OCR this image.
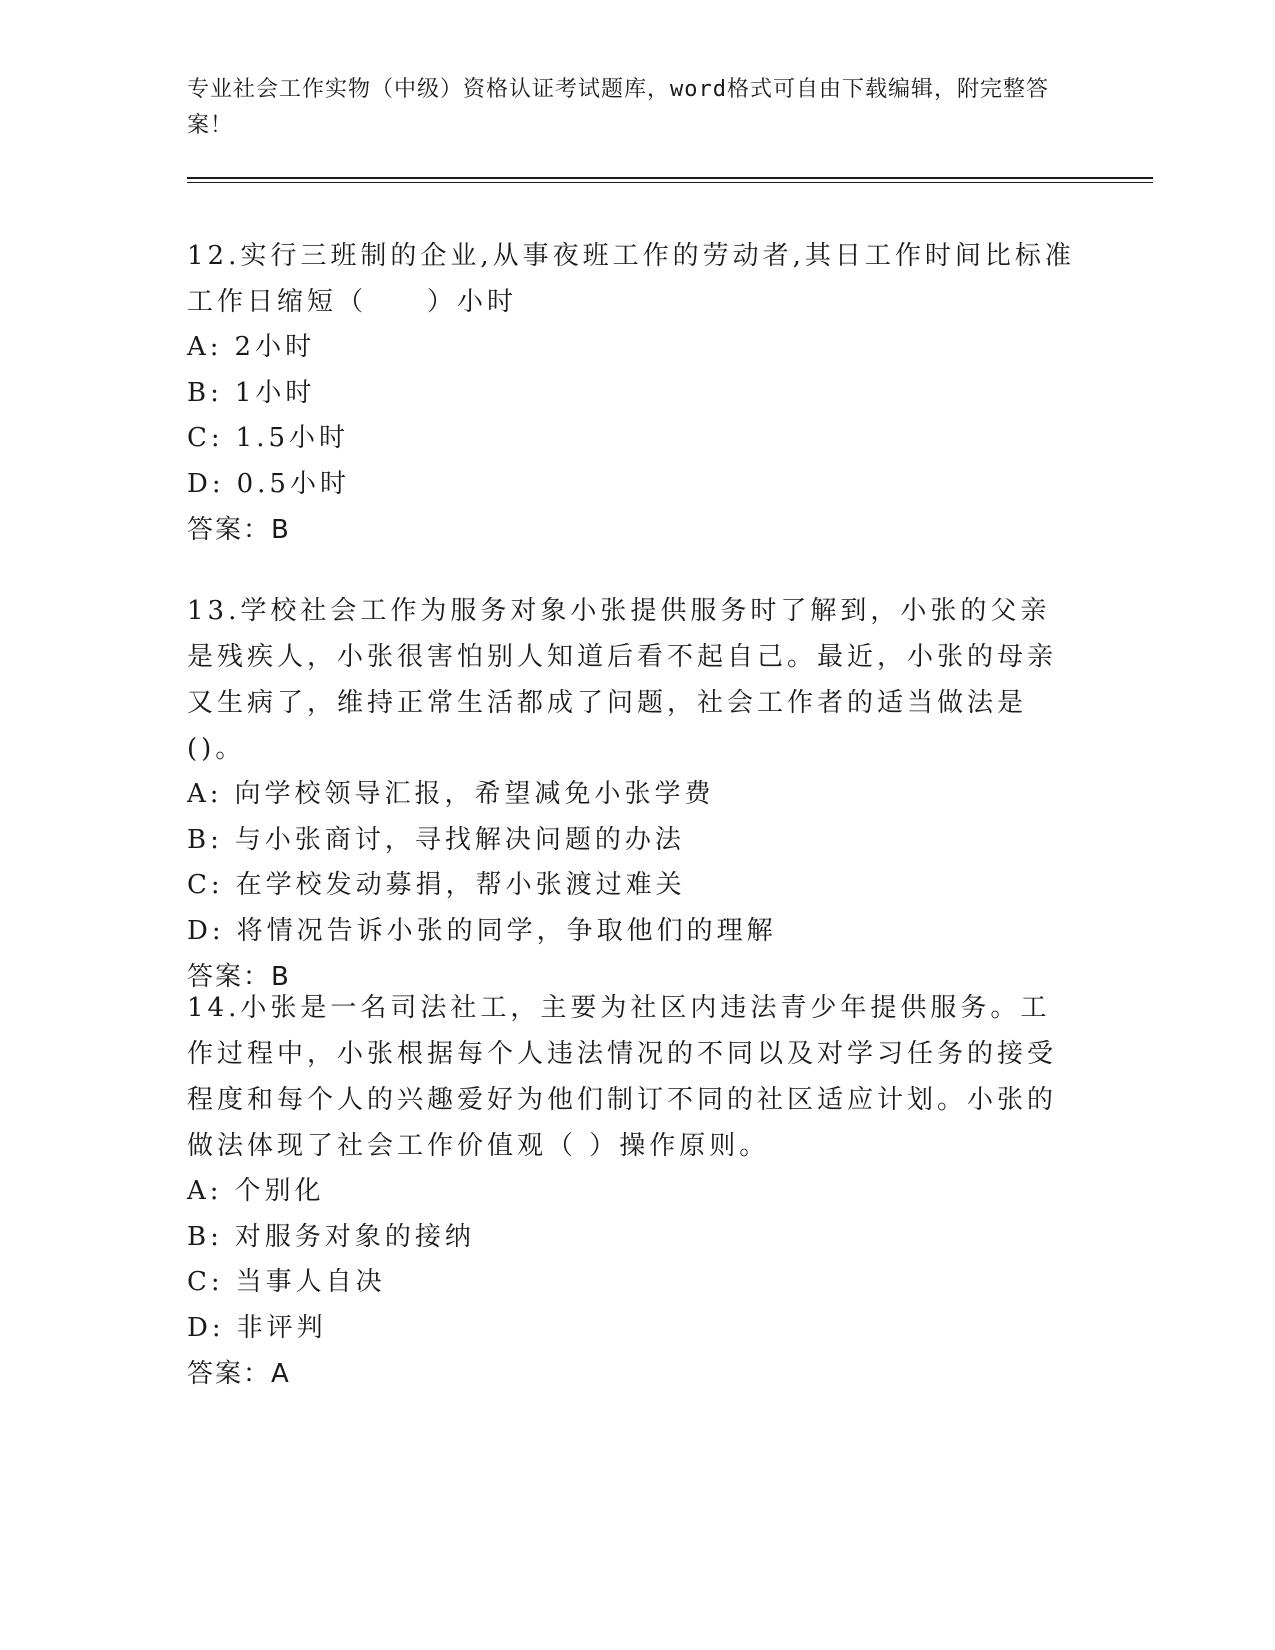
专业社会工作实物（中级）资格认证考试题库，word格式可自由下载编辑，附完整答案！

12.实行三班制的企业,从事夜班工作的劳动者,其日工作时间比标准工作日缩短（　　）小时

A: 2小时
B: 1小时
C: 1.5小时
D: 0.5小时
答案：B

13.学校社会工作为服务对象小张提供服务时了解到，小张的父亲是残疾人，小张很害怕别人知道后看不起自己。最近，小张的母亲又生病了，维持正常生活都成了问题，社会工作者的适当做法是()。

A: 向学校领导汇报，希望减免小张学费
B: 与小张商讨，寻找解决问题的办法
C: 在学校发动募捐，帮小张渡过难关
D: 将情况告诉小张的同学，争取他们的理解
答案：B

14.小张是一名司法社工，主要为社区内违法青少年提供服务。工作过程中，小张根据每个人违法情况的不同以及对学习任务的接受程度和每个人的兴趣爱好为他们制订不同的社区适应计划。小张的做法体现了社会工作价值观（ ）操作原则。

A: 个别化
B: 对服务对象的接纳
C: 当事人自决
D: 非评判
答案：A
